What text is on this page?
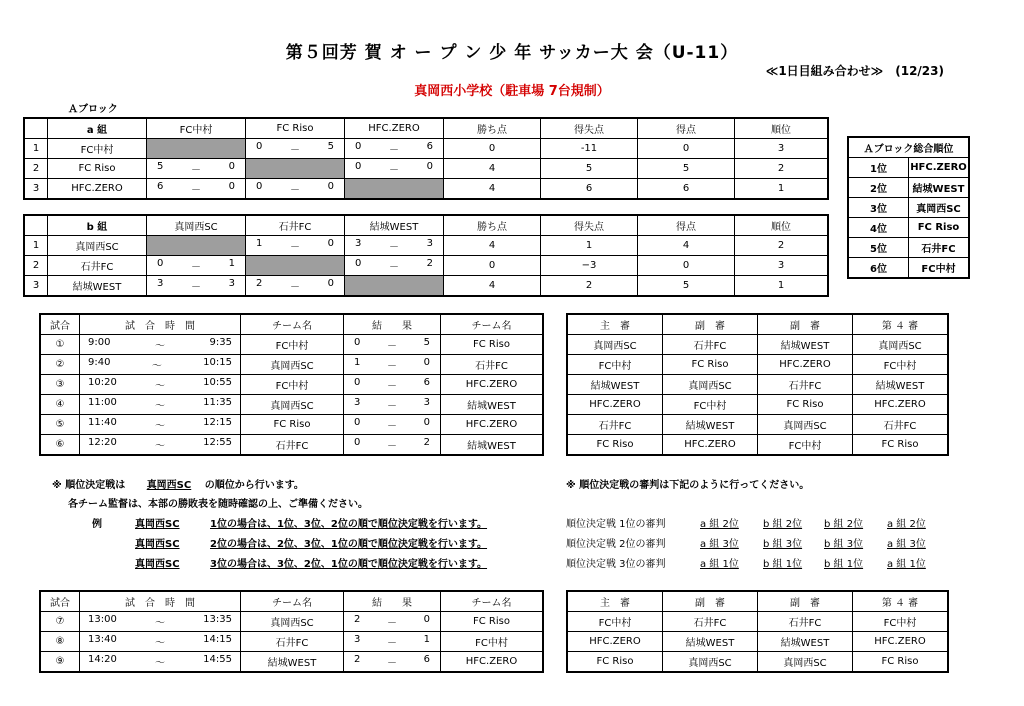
第５回芳 賀 オ ー プ ン 少 年 サッカー大 会（U-11）
≪1日目組み合わせ≫　(12/23)
真岡西小学校（駐車場 7台規制）
Ａブロック
	a 組	FC中村	FC Riso	HFC.ZERO	勝ち点	得失点	得点	順位
1	FC中村		0 － 5	0 － 6	0	-11	0	3
2	FC Riso	5 － 0		0 － 0	4	5	5	2
3	HFC.ZERO	6 － 0	0 － 0		4	6	6	1
	b 組	真岡西SC	石井FC	結城WEST	勝ち点	得失点	得点	順位
1	真岡西SC		1 － 0	3 － 3	4	1	4	2
2	石井FC	0 － 1		0 － 2	0	−3	0	3
3	結城WEST	3 － 3	2 － 0		4	2	5	1
Ａブロック総合順位	
1位	HFC.ZERO
2位	結城WEST
3位	真岡西SC
4位	FC Riso
5位	石井FC
6位	FC中村
試合	試　合　時　間	チーム名	結　　果	チーム名
①	9:00 ～ 9:35	FC中村	0 － 5	FC Riso
②	9:40 ～ 10:15	真岡西SC	1 － 0	石井FC
③	10:20 ～ 10:55	FC中村	0 － 6	HFC.ZERO
④	11:00 ～ 11:35	真岡西SC	3 － 3	結城WEST
⑤	11:40 ～ 12:15	FC Riso	0 － 0	HFC.ZERO
⑥	12:20 ～ 12:55	石井FC	0 － 2	結城WEST
主　審	副　審	副　審	第 ４ 審
真岡西SC	石井FC	結城WEST	真岡西SC
FC中村	FC Riso	HFC.ZERO	FC中村
結城WEST	真岡西SC	石井FC	結城WEST
HFC.ZERO	FC中村	FC Riso	HFC.ZERO
石井FC	結城WEST	真岡西SC	石井FC
FC Riso	HFC.ZERO	FC中村	FC Riso
※ 順位決定戦は 真岡西SC の順位から行います。
各チーム監督は、本部の勝敗表を随時確認の上、ご準備ください。
例	真岡西SC	1位の場合は、1位、3位、2位の順で順位決定戦を行います。
真岡西SC	2位の場合は、2位、3位、1位の順で順位決定戦を行います。
真岡西SC	3位の場合は、3位、2位、1位の順で順位決定戦を行います。
※ 順位決定戦の審判は下記のように行ってください。
順位決定戦 1位の審判	a 組 2位 b 組 2位 b 組 2位 a 組 2位
順位決定戦 2位の審判	a 組 3位 b 組 3位 b 組 3位 a 組 3位
順位決定戦 3位の審判	a 組 1位 b 組 1位 b 組 1位 a 組 1位
試合	試　合　時　間	チーム名	結　　果	チーム名
⑦	13:00 ～ 13:35	真岡西SC	2 － 0	FC Riso
⑧	13:40 ～ 14:15	石井FC	3 － 1	FC中村
⑨	14:20 ～ 14:55	結城WEST	2 － 6	HFC.ZERO
主　審	副　審	副　審	第 ４ 審
FC中村	石井FC	石井FC	FC中村
HFC.ZERO	結城WEST	結城WEST	HFC.ZERO
FC Riso	真岡西SC	真岡西SC	FC Riso
